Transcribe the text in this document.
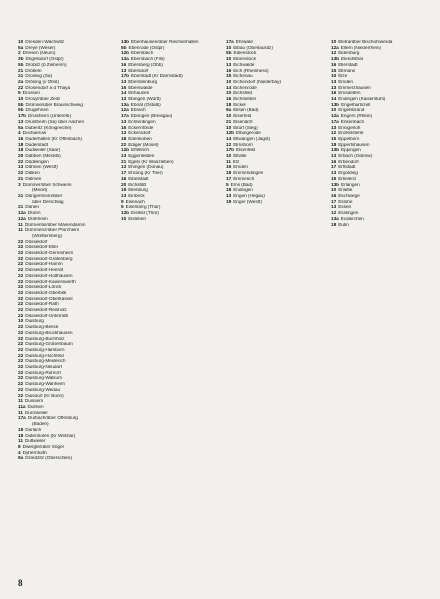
10 Dresden-Wachwitz
5a Dreye (Weser)
2 Driesen (Neum)
3b Drigelsdorf (Ostpr)
5b Drobitz (b Ziebenm)
21 Dröbeln
21 Droissig (Sa)
2a Drösing (v Obst)
22 Drosendorf a d Thaya
5 Drossen
10 Drosyl/über Zeitz
5b Drümse/über Braunschweig
5b Drugehnen
17b Druisheim (Unterelb)
13 Druntheim (Sa) über Aachen
5a Dubentz (Königreiche)
4 Duchaerow
16 Duderhallen (Kr Offenbach)
18 Duderstadt
18 Dudweiler (Saar)
20 Dübben (Mecklb)
22 Düdelingen
13 Dühnen (Westf)
22 Dülken
21 Dülmen
3 Dümmer/über Schwerin
(Meckl)
21 Düngenheim/über
über Derschlag
21 Dünen
12a Düren
12a Dürkheim
11 Dürmentin/über Mariendamm
11 Dürnmenz/über Pforzheim
(Württemberg)
22 Düsseldorf
22 Düsseldorf-Eller
22 Düsseldorf-Gerresheim
22 Düsseldorf-Grafenberg
22 Düsseldorf-Hamm
22 Düsseldorf-Heerdt
22 Düsseldorf-Holthausen
22 Düsseldorf-Kaiserswerth
22 Düsseldorf-Lörick
22 Düsseldorf-Oberbilk
22 Düsseldorf-Oberkassel
22 Düsseldorf-Rath
22 Düsseldorf-Reisholz
22 Düsseldorf-Unterrath
10 Duisburg
22 Duisburg-Beeck
22 Duisburg-Bruckhausen
22 Duisburg-Buchholz
22 Duisburg-Großenbaum
22 Duisburg-Hamborn
22 Duisburg-Hochfeld
22 Duisburg-Meiderich
22 Duisburg-Neudorf
22 Duisburg-Ruhrort
22 Duisburg-Walsum
22 Duisburg-Wanheim
22 Duisburg-Wedau
22 Duisdorf (Kr Bonn)
11 Duissern
11a Dulmen
11 Dunzweiler
17a Durbach/über Offenburg
(Baden)
18 Durlach
18 Dutenhofen (Kr Wetzlar)
11 Duttweiler
8 Dwergte/über Sögel
4 Dyhernfurth
9a Dziedzitz (Oberschles)
13b Ebenhausen/über Reichenhallen
5b Ebenrode (Ostpr)
12b Ebersbach
13a Ebersbach (Fils)
16 Ebersberg (Obb)
13 Ebersdorf
17b Eberstadt (Kr Darmstadt)
13 Ebersteinburg
16 Eberswalde
14 Ebhausen
13 Ebingen (Württ)
13a Ebnat (Ostalb)
12a Ebrach
17a Ebringen (Breisgau)
13 Echterdingen
16 Eckernförde
13 Eckersdorf
18 Edenkoben
22 Ediger (Mosel)
12b Effeltrich
13 Eggenfelden
21 Egeln (Kr Wanzleben)
13 Ehingen (Donau)
17 Ehrang (Kr Trier)
16 Eibelstadt
20 Eichstätt
19 Eilenburg
13 Einbeck
9 Eisenach
5 Eisenberg (Thür)
12b Eisfeld (Thür)
10 Eisleben
17a Ehrwald
10 Eibau (Oberlausitz)
5b Eibenstock
10 Eibenstock
13 Eichwalde
16 Eich (Rheinhess)
15 Eichenau
10 Eichendorf (Niederbay)
14 Eichenrode
10 Eichsfeld
16 Eichstetten
18 Eickel
9a Eilsen (Bad)
10 Eiserfeld
21 Eisenärzt
10 Eitorf (Sieg)
12b Elbingerode
14 Ellwangen (Jagst)
12 Elmshorn
17b Elsenfeld
10 Eltville
11 Elz
16 Emden
18 Emmendingen
17 Emmerich
5 Ems (Bad)
18 Endingen
13 Engen (Hegau)
19 Enger (Westf)
10 Eletra/über Bischofswerda
12a Ellern (Niederrhein)
12 Eldenburg
13b Elendsthal
16 Ellerstadt
15 Eltmann
10 Elze
13 Emden
13 Emmerzhausen
16 Emsdetten
14 Endingen (Kaiserstuhl)
13b Engelhartszell
10 Engelsbrand
12a Engers (Rhein)
17a Enkenbach
13 Ennigerloh
12 Enzklösterle
15 Eppelborn
18 Eppertshausen
13b Eppingen
13 Erbach (Odenw)
16 Erbendorf
17 Erftstadt
13 Ergolding
15 Erkelenz
13b Erlangen
10 Erwitte
16 Eschwege
17 Eslohe
13 Essen
12 Esslingen
13a Euskirchen
18 Eutin
8
